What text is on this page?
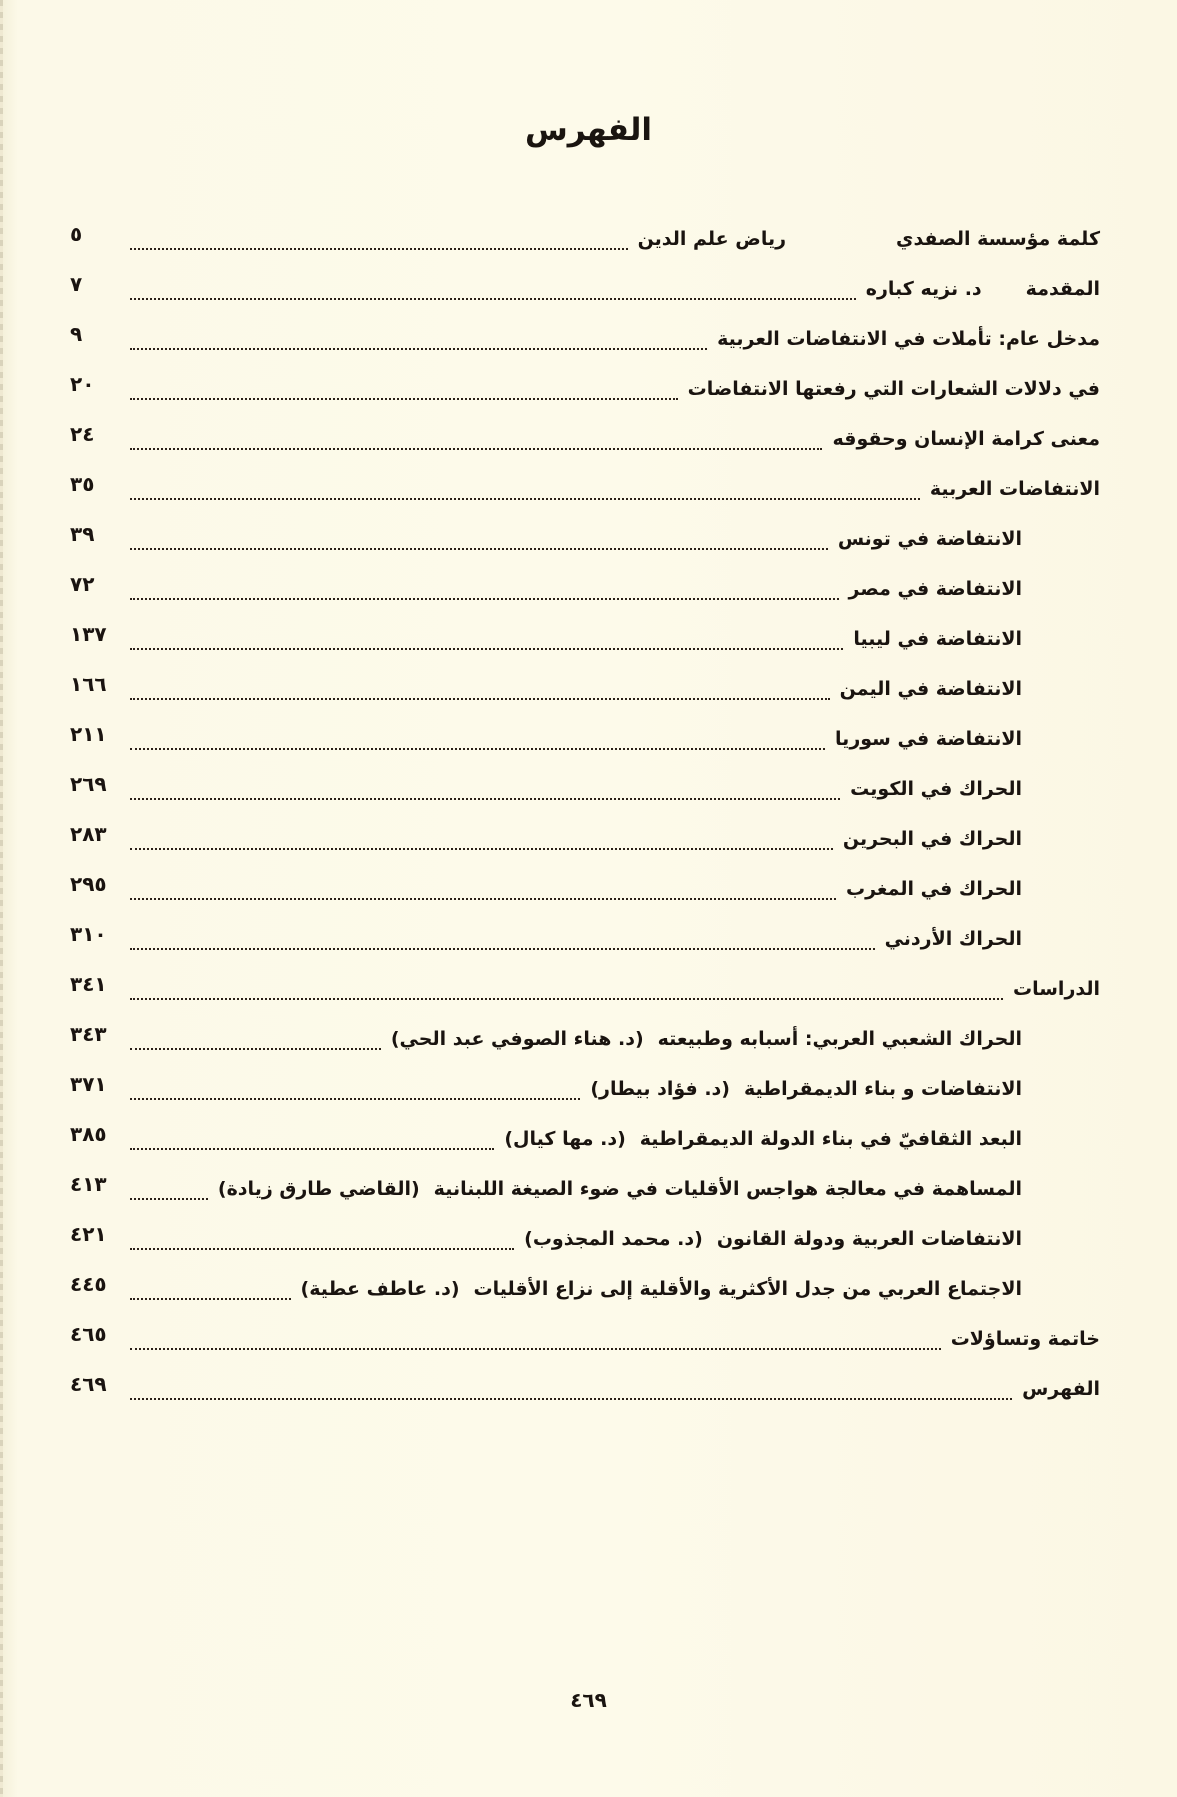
الفهرس
كلمة مؤسسة الصفديرياض علم الدين
٥
المقدمةد. نزيه كباره
٧
مدخل عام: تأملات في الانتفاضات العربية
٩
في دلالات الشعارات التي رفعتها الانتفاضات
٢٠
معنى كرامة الإنسان وحقوقه
٢٤
الانتفاضات العربية
٣٥
الانتفاضة في تونس
٣٩
الانتفاضة في مصر
٧٢
الانتفاضة في ليبيا
١٣٧
الانتفاضة في اليمن
١٦٦
الانتفاضة في سوريا
٢١١
الحراك في الكويت
٢٦٩
الحراك في البحرين
٢٨٣
الحراك في المغرب
٢٩٥
الحراك الأردني
٣١٠
الدراسات
٣٤١
الحراك الشعبي العربي: أسبابه وطبيعته(د. هناء الصوفي عبد الحي)
٣٤٣
الانتفاضات و بناء الديمقراطية(د. فؤاد بيطار)
٣٧١
البعد الثقافيّ في بناء الدولة الديمقراطية(د. مها كيال)
٣٨٥
المساهمة في معالجة هواجس الأقليات في ضوء الصيغة اللبنانية(القاضي طارق زيادة)
٤١٣
الانتفاضات العربية ودولة القانون(د. محمد المجذوب)
٤٢١
الاجتماع العربي من جدل الأكثرية والأقلية إلى نزاع الأقليات(د. عاطف عطية)
٤٤٥
خاتمة وتساؤلات
٤٦٥
الفهرس
٤٦٩
٤٦٩
